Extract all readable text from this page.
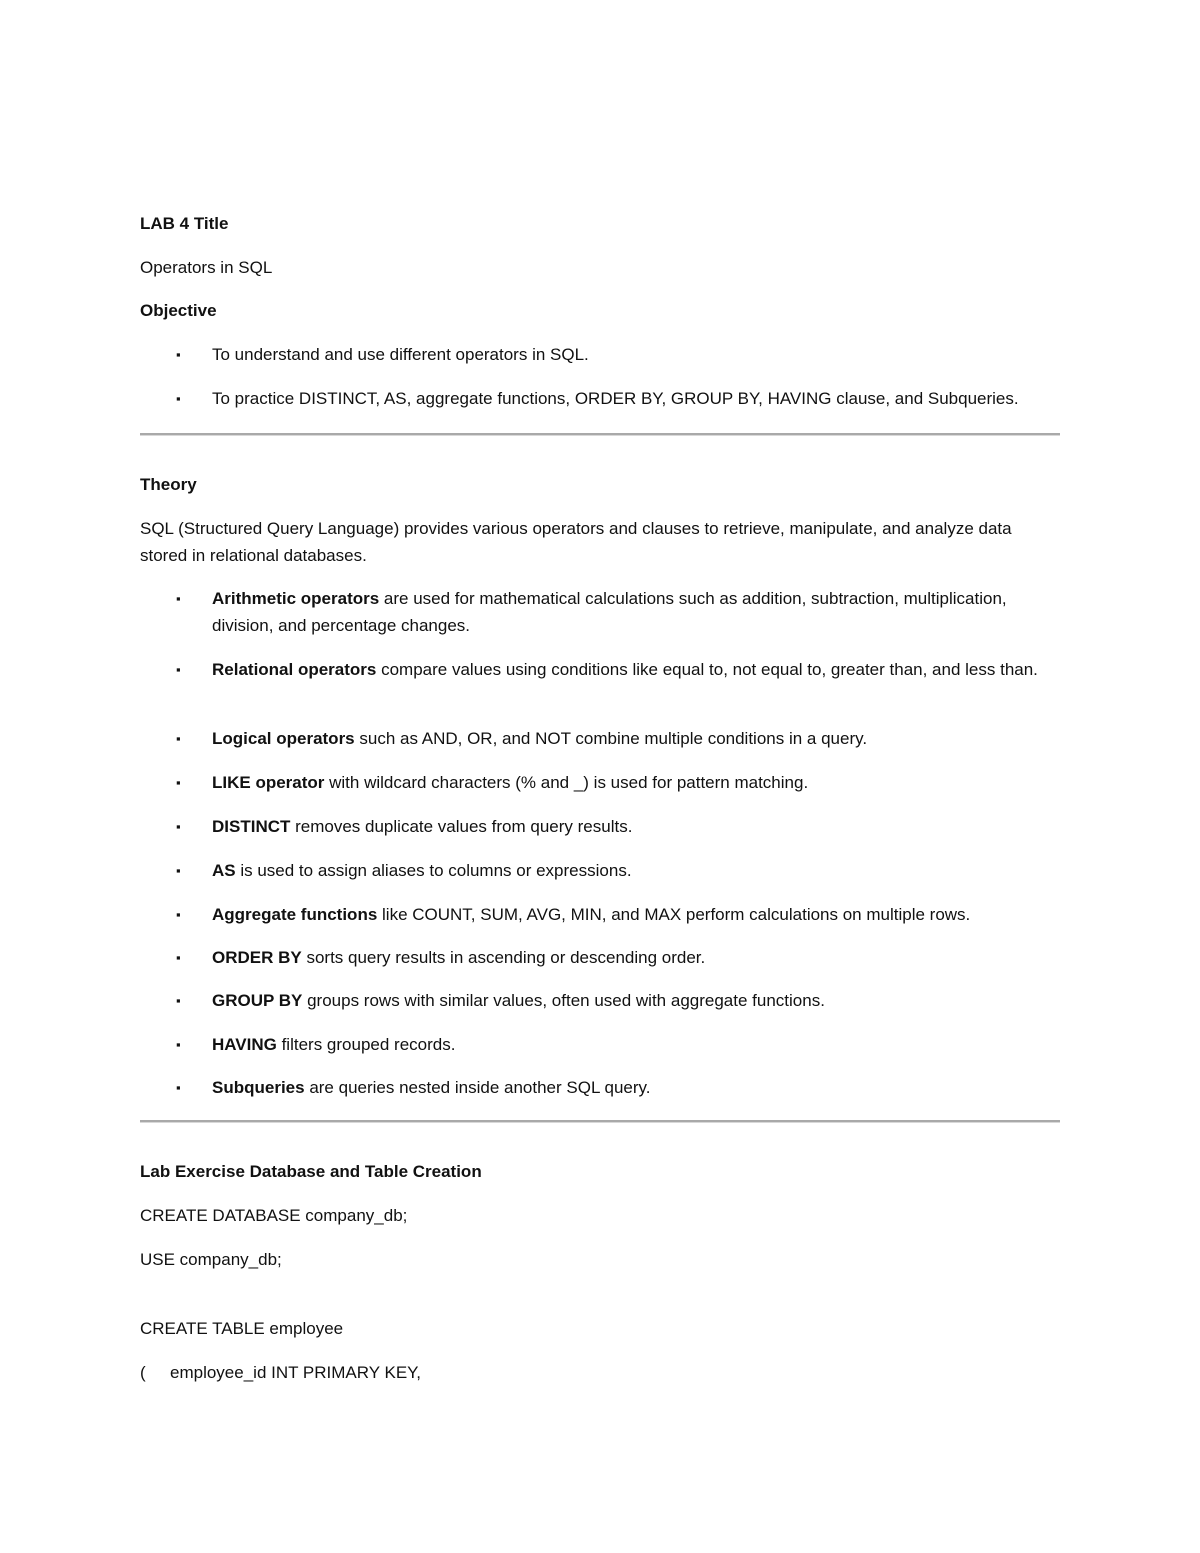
LAB 4 Title
Operators in SQL
Objective
▪ To understand and use different operators in SQL.
▪ To practice DISTINCT, AS, aggregate functions, ORDER BY, GROUP BY, HAVING clause, and Subqueries.
Theory
SQL (Structured Query Language) provides various operators and clauses to retrieve, manipulate, and analyze data stored in relational databases.
▪ Arithmetic operators are used for mathematical calculations such as addition, subtraction, multiplication, division, and percentage changes.
▪ Relational operators compare values using conditions like equal to, not equal to, greater than, and less than.
▪ Logical operators such as AND, OR, and NOT combine multiple conditions in a query.
▪ LIKE operator with wildcard characters (% and _) is used for pattern matching.
▪ DISTINCT removes duplicate values from query results.
▪ AS is used to assign aliases to columns or expressions.
▪ Aggregate functions like COUNT, SUM, AVG, MIN, and MAX perform calculations on multiple rows.
▪ ORDER BY sorts query results in ascending or descending order.
▪ GROUP BY groups rows with similar values, often used with aggregate functions.
▪ HAVING filters grouped records.
▪ Subqueries are queries nested inside another SQL query.
Lab Exercise Database and Table Creation
CREATE DATABASE company_db;
USE company_db;
CREATE TABLE employee
( employee_id INT PRIMARY KEY,
